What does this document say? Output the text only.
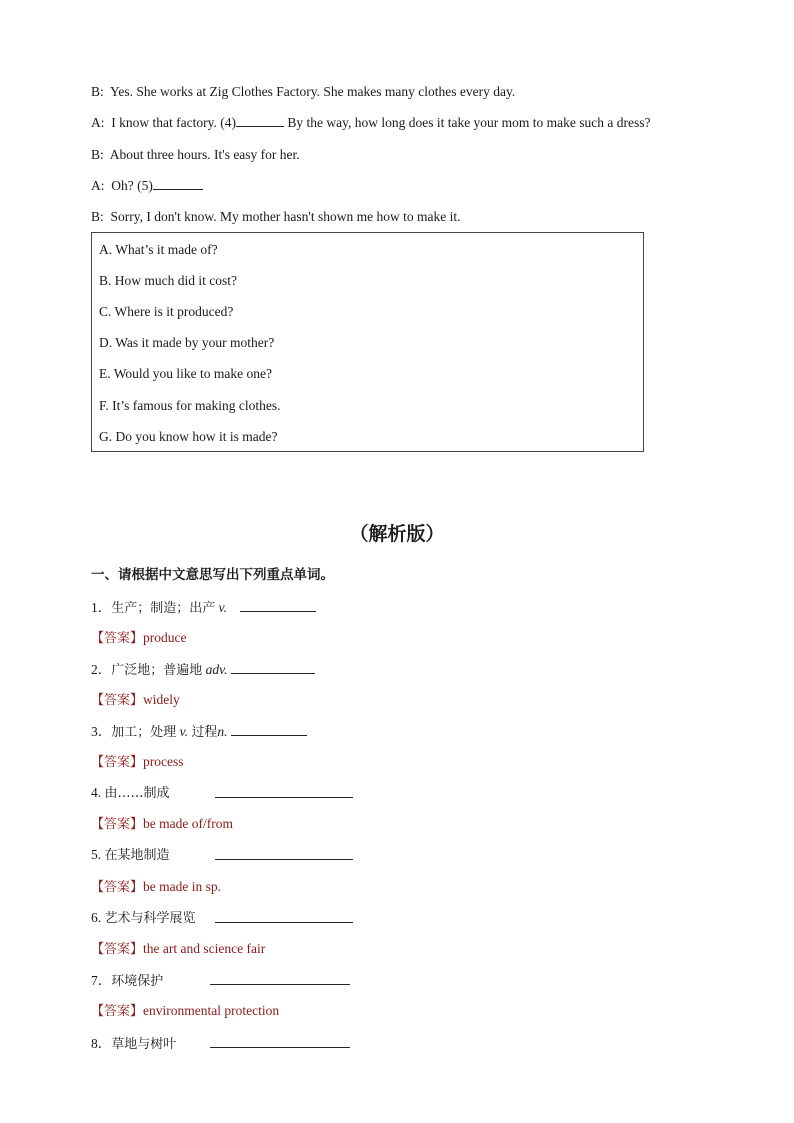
B: Yes. She works at Zig Clothes Factory. She makes many clothes every day.
A: I know that factory. (4)	By the way, how long does it take your mom to make such a dress?
B: About three hours. It's easy for her.
A: Oh? (5)
B: Sorry, I don't know. My mother hasn't shown me how to make it.
A. What’s it made of?
B. How much did it cost?
C. Where is it produced?
D. Was it made by your mother?
E. Would you like to make one?
F. It’s famous for making clothes.
G. Do you know how it is made?
（解析版）
一、请根据中文意思写出下列重点单词。
1．生产；制造；出产 v.
【答案】produce
2．广泛地；普遍地 adv.
【答案】widely
3．加工；处理 v. 过程n.
【答案】process
4. 由……制成
【答案】be made of/from
5. 在某地制造
【答案】be made in sp.
6. 艺术与科学展览
【答案】the art and science fair
7．环境保护
【答案】environmental protection
8．草地与树叶
